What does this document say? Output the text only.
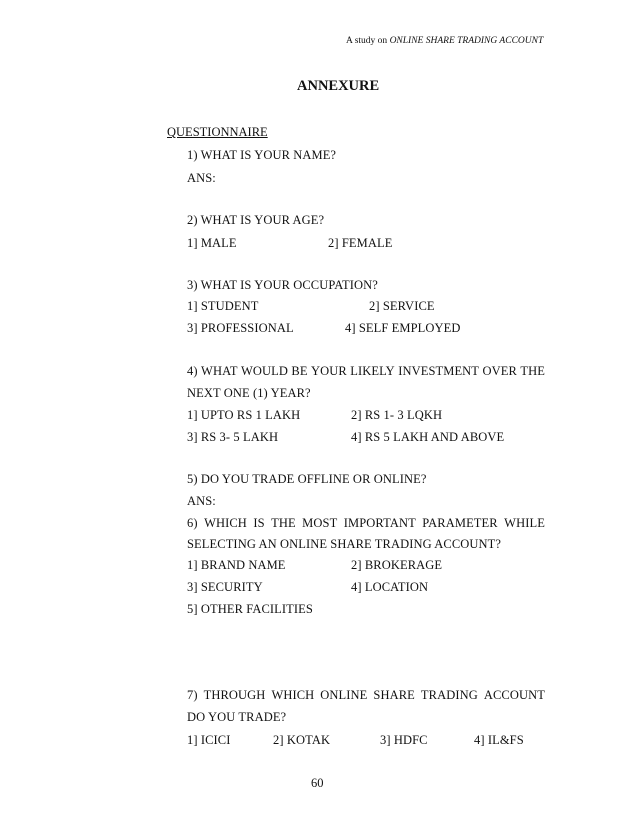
A study on ONLINE SHARE TRADING ACCOUNT
ANNEXURE
QUESTIONNAIRE
1) WHAT IS YOUR NAME?
ANS:
2) WHAT IS YOUR AGE?
1] MALE	2] FEMALE
3) WHAT IS YOUR OCCUPATION?
1] STUDENT	2] SERVICE
3] PROFESSIONAL	4] SELF EMPLOYED
4) WHAT WOULD BE YOUR LIKELY INVESTMENT OVER THE
NEXT ONE (1) YEAR?
1] UPTO RS 1 LAKH	2] RS 1- 3 LQKH
3] RS 3- 5 LAKH	4] RS 5 LAKH AND ABOVE
5) DO YOU TRADE OFFLINE OR ONLINE?
ANS:
6) WHICH IS THE MOST IMPORTANT PARAMETER WHILE
SELECTING AN ONLINE SHARE TRADING ACCOUNT?
1] BRAND NAME	2] BROKERAGE
3] SECURITY	4] LOCATION
5] OTHER FACILITIES
7) THROUGH WHICH ONLINE SHARE TRADING ACCOUNT
DO YOU TRADE?
1] ICICI	2] KOTAK	3] HDFC	4] IL&FS
60
